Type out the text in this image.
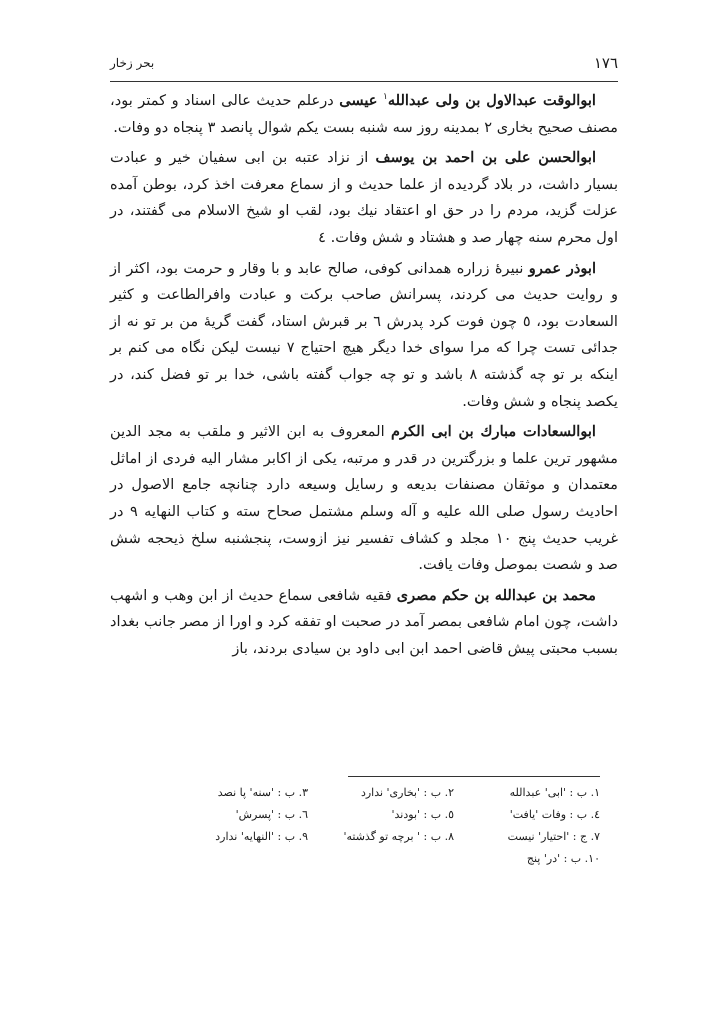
١٧٦
بحر زخار

ابوالوقت عبدالاول بن ولی عبدالله$^١$ عیسی درعلم حدیث عالی اسناد و کمتر بود، مصنف صحیح بخاری ٢ بمدینه روز سه شنبه بست یکم شوال پانصد ٣ پنجاه دو وفات.

ابوالحسن علی بن احمد بن یوسف از نزاد عتبه بن ابی سفیان خیر و عبادت بسیار داشت، در بلاد گردیده از علما حدیث و از سماع معرفت اخذ کرد، بوطن آمده عزلت گزید، مردم را در حق او اعتقاد نیك بود، لقب او شیخ الاسلام می گفتند، در اول محرم سنه چهار صد و هشتاد و شش وفات. ٤

ابوذر عمرو نبیرۀ زراره همدانی کوفی، صالح عابد و با وقار و حرمت بود، اکثر از و روایت حدیث می کردند، پسرانش صاحب برکت و عبادت وافرالطاعت و کثیر السعادت بود، ٥ چون فوت کرد پدرش ٦ بر قبرش استاد، گفت گریۀ من بر تو نه از جدائی تست چرا که مرا سوای خدا دیگر هیچ احتیاج ٧ نیست لیکن نگاه می کنم بر اینکه بر تو چه گذشته ٨ باشد و تو چه جواب گفته باشی، خدا بر تو فضل کند، در یکصد پنجاه و شش وفات.

ابوالسعادات مبارك بن ابی الکرم المعروف به ابن الاثیر و ملقب به مجد الدین مشهور ترین علما و بزرگترین در قدر و مرتبه، یکی از اکابر مشار الیه فردی از اماثل معتمدان و موثقان مصنفات بدیعه و رسایل وسیعه دارد چنانچه جامع الاصول در احادیث رسول صلی الله علیه و آله وسلم مشتمل صحاح سته و کتاب النهایه ٩ در غریب حدیث پنج ١٠ مجلد و کشاف تفسیر نیز ازوست، پنجشنبه سلخ ذیحجه شش صد و شصت بموصل وفات یافت.

محمد بن عبدالله بن حکم مصری فقیه شافعی سماع حدیث از ابن وهب و اشهب داشت، چون امام شافعی بمصر آمد در صحبت او تفقه کرد و اورا از مصر جانب بغداد بسبب محبتی پیش قاضی احمد ابن ابی داود بن سیادی بردند، باز

١. ب : 'ابی' عبدالله
٢. ب : 'بخاری' ندارد
٣. ب : 'سنه' پا نصد
٤. ب : وفات 'یافت'
٥. ب : 'بودند'
٦. ب : 'پسرش'
٧. ج : 'احتیار' نیست
٨. ب : ' برچه تو گذشته'
٩. ب : 'النهایه' ندارد
١٠. ب : 'در' پنج
